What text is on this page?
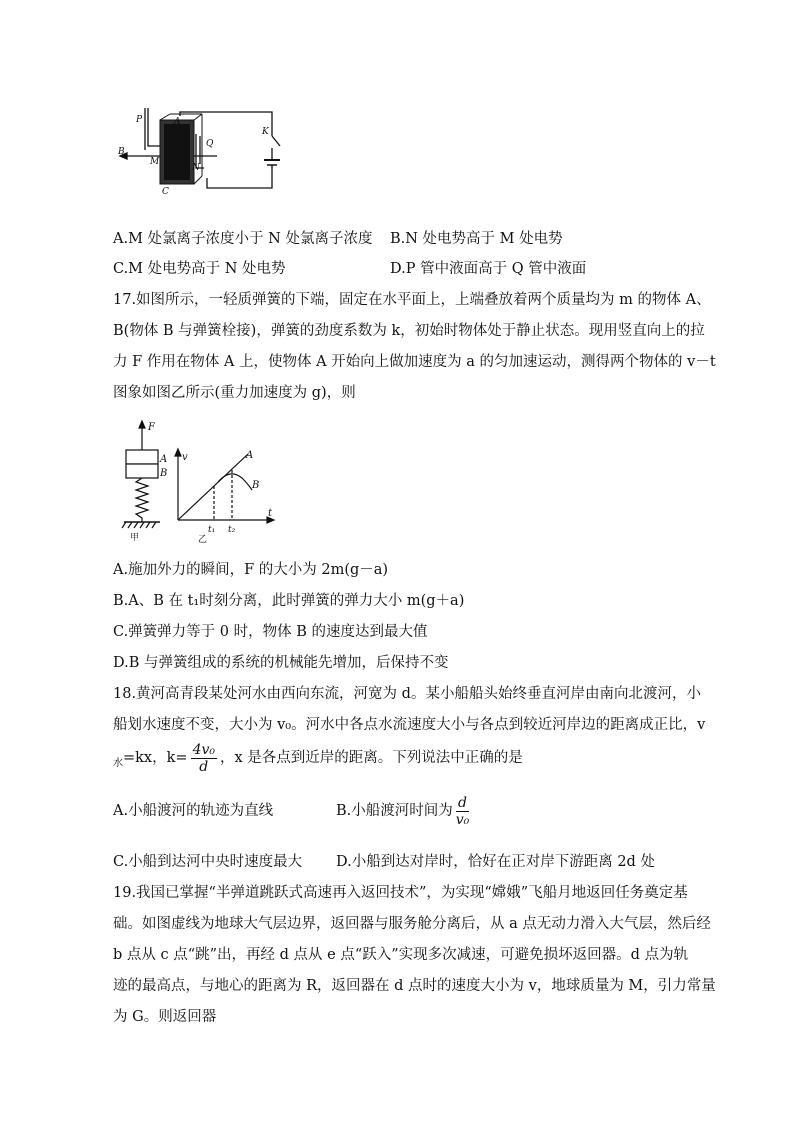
P	A
K
Q
B
M
N
C
A.M 处氯离子浓度小于 N 处氯离子浓度 B.N 处电势高于 M 处电势
C.M 处电势高于 N 处电势	D.P 管中液面高于 Q 管中液面
17.如图所示，一轻质弹簧的下端，固定在水平面上，上端叠放着两个质量均为 m 的物体 A、
B(物体 B 与弹簧栓接)，弹簧的劲度系数为 k，初始时物体处于静止状态。现用竖直向上的拉
力 F 作用在物体 A 上，使物体 A 开始向上做加速度为 a 的匀加速运动，测得两个物体的 v－t
图象如图乙所示(重力加速度为 g)，则
F
A
B
甲
v
t
A
B
t₁ t₂
乙
A.施加外力的瞬间，F 的大小为 2m(g－a)
B.A、B 在 t₁时刻分离，此时弹簧的弹力大小 m(g＋a)
C.弹簧弹力等于 0 时，物体 B 的速度达到最大值
D.B 与弹簧组成的系统的机械能先增加，后保持不变
18.黄河高青段某处河水由西向东流，河宽为 d。某小船船头始终垂直河岸由南向北渡河，小
船划水速度不变，大小为 v₀。河水中各点水流速度大小与各点到较近河岸边的距离成正比，v
$_水$=kx，$k= \frac{\text{4v₀}}{d}$ ，x 是各点到近岸的距离。下列说法中正确的是
A.小船渡河的轨迹为直线	B.小船渡河时间为 $\frac{d}{\text{v₀}}$
C.小船到达河中央时速度最大 D.小船到达对岸时，恰好在正对岸下游距离 2d 处
19.我国已掌握“半弹道跳跃式高速再入返回技术”，为实现“嫦娥”飞船月地返回任务奠定基
础。如图虚线为地球大气层边界，返回器与服务舱分离后，从 a 点无动力滑入大气层，然后经
b 点从 c 点“跳”出，再经 d 点从 e 点“跃入”实现多次减速，可避免损坏返回器。d 点为轨
迹的最高点，与地心的距离为 R，返回器在 d 点时的速度大小为 v，地球质量为 M，引力常量
为 G。则返回器
